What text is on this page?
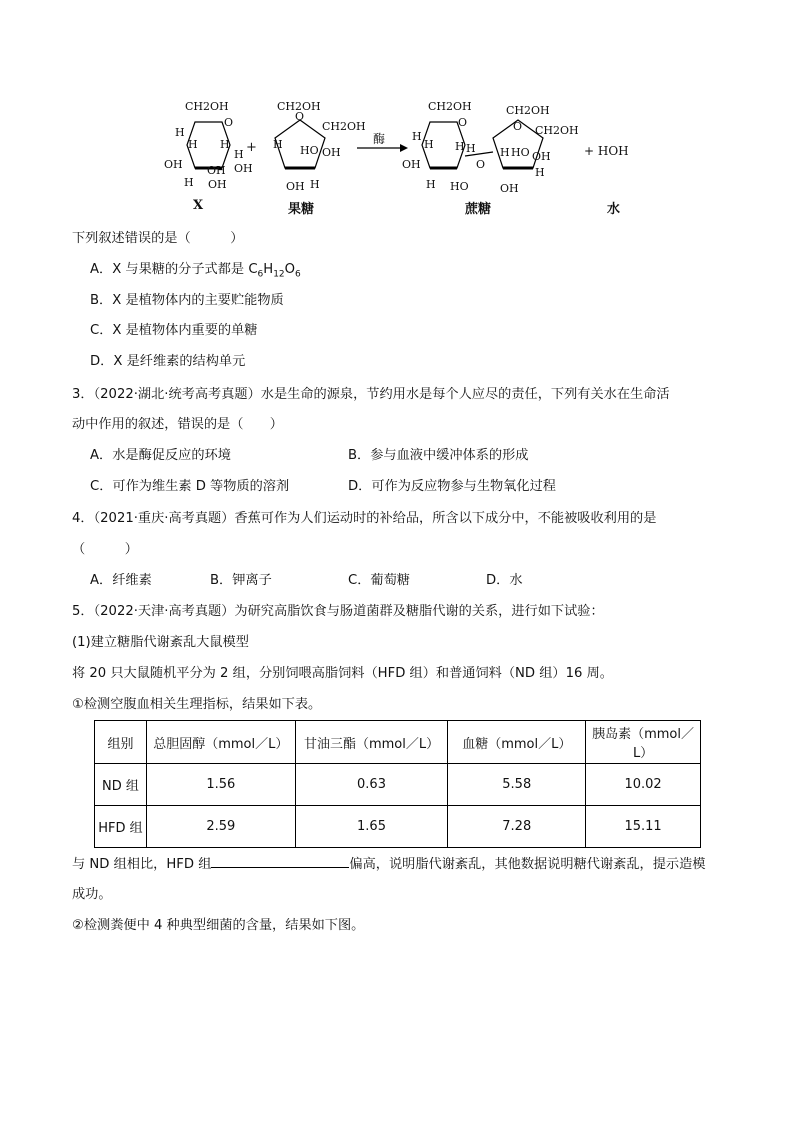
CH2OH
H
O
H H
OH
H
OH
OH
H
OH
+
CH2OH
O
CH2OH
H HO OH
OH H
酶
CH2OH	CH2OH
O
H
O
H H
OH
H
HO
O
CH2OH
HO
H
H
OH
OH
H
+ HOH
X	果糖	蔗糖	水
下列叙述错误的是（　　　）
A．X 与果糖的分子式都是 $C_6H_{12}O_6$
B．X 是植物体内的主要贮能物质
C．X 是植物体内重要的单糖
D．X 是纤维素的结构单元
3．（2022·湖北·统考高考真题）水是生命的源泉，节约用水是每个人应尽的责任，下列有关水在生命活
动中作用的叙述，错误的是（　　）
A．水是酶促反应的环境	B．参与血液中缓冲体系的形成
C．可作为维生素 D 等物质的溶剂	D．可作为反应物参与生物氧化过程
4．（2021·重庆·高考真题）香蕉可作为人们运动时的补给品，所含以下成分中，不能被吸收利用的是
（　　　）
A．纤维素	B．钾离子	C．葡萄糖	D．水
5．（2022·天津·高考真题）为研究高脂饮食与肠道菌群及糖脂代谢的关系，进行如下试验：
(1)建立糖脂代谢紊乱大鼠模型
将 20 只大鼠随机平分为 2 组，分别饲喂高脂饲料（HFD 组）和普通饲料（ND 组）16 周。
①检测空腹血相关生理指标，结果如下表。
组别	总胆固醇（mmol／L）	甘油三酯（mmol／L）	血糖（mmol／L）	胰岛素（mmol／L）
ND 组	1.56	0.63	5.58	10.02
HFD 组	2.59	1.65	7.28	15.11
与 ND 组相比，HFD 组	偏高，说明脂代谢紊乱，其他数据说明糖代谢紊乱，提示造模
成功。
②检测粪便中 4 种典型细菌的含量，结果如下图。
